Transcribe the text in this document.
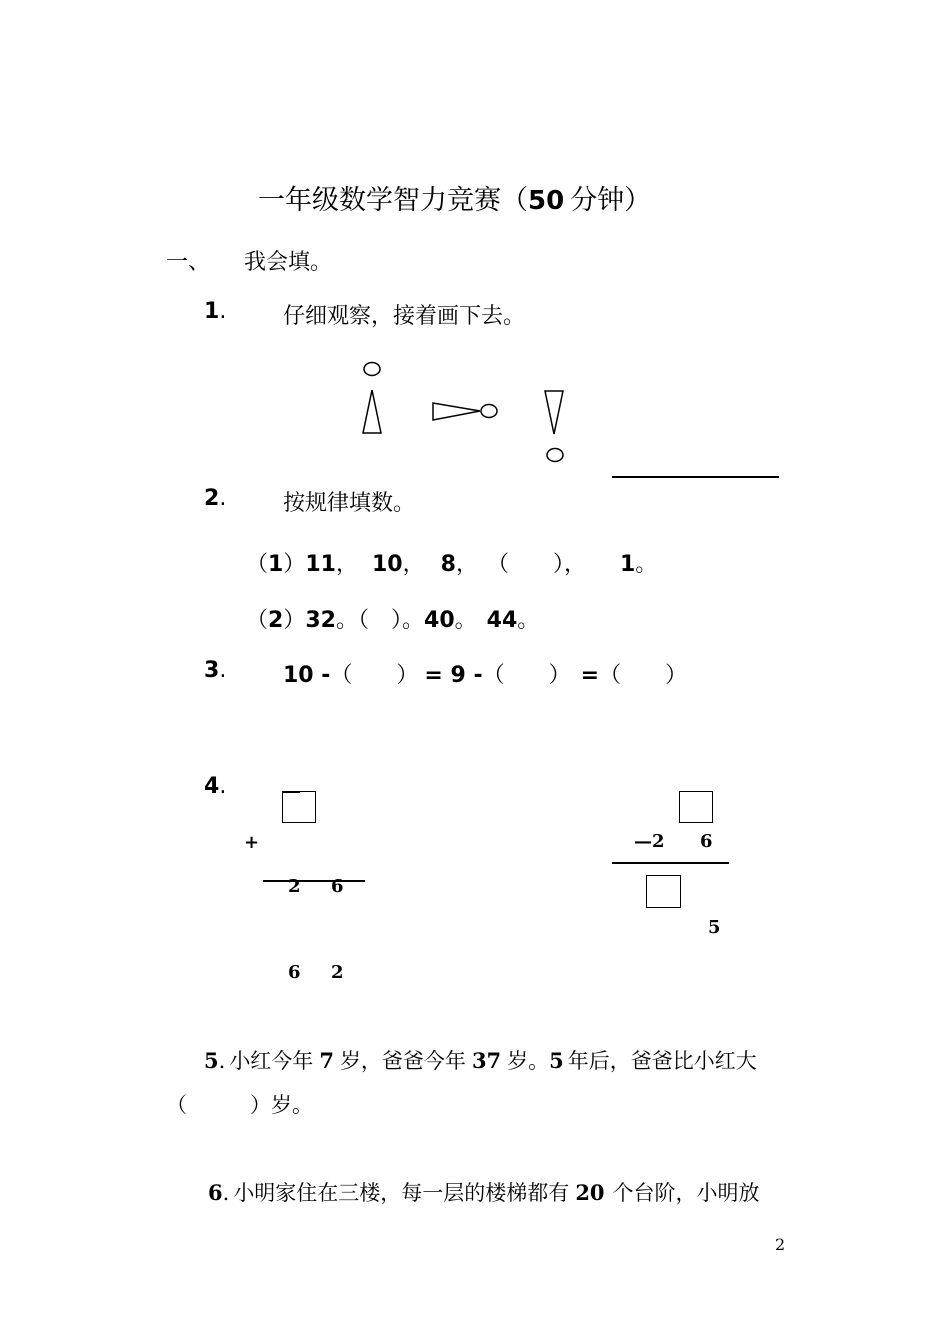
一年级数学智力竞赛（50 分钟）
一、 我会填。
1.	仔细观察，接着画下去。
2.	按规律填数。
（1）11， 10， 8， （　　）， 1。
（2）32。（　）。40。 44。
3.	10 -（　　） = 9 -（　　） =（　　）
4.
+
2 6
6 2
—2 6
5
5. 小红今年 7 岁，爸爸今年 37 岁。5 年后，爸爸比小红大
（　　　）岁。
6. 小明家住在三楼，每一层的楼梯都有 20 个台阶，小明放
2
